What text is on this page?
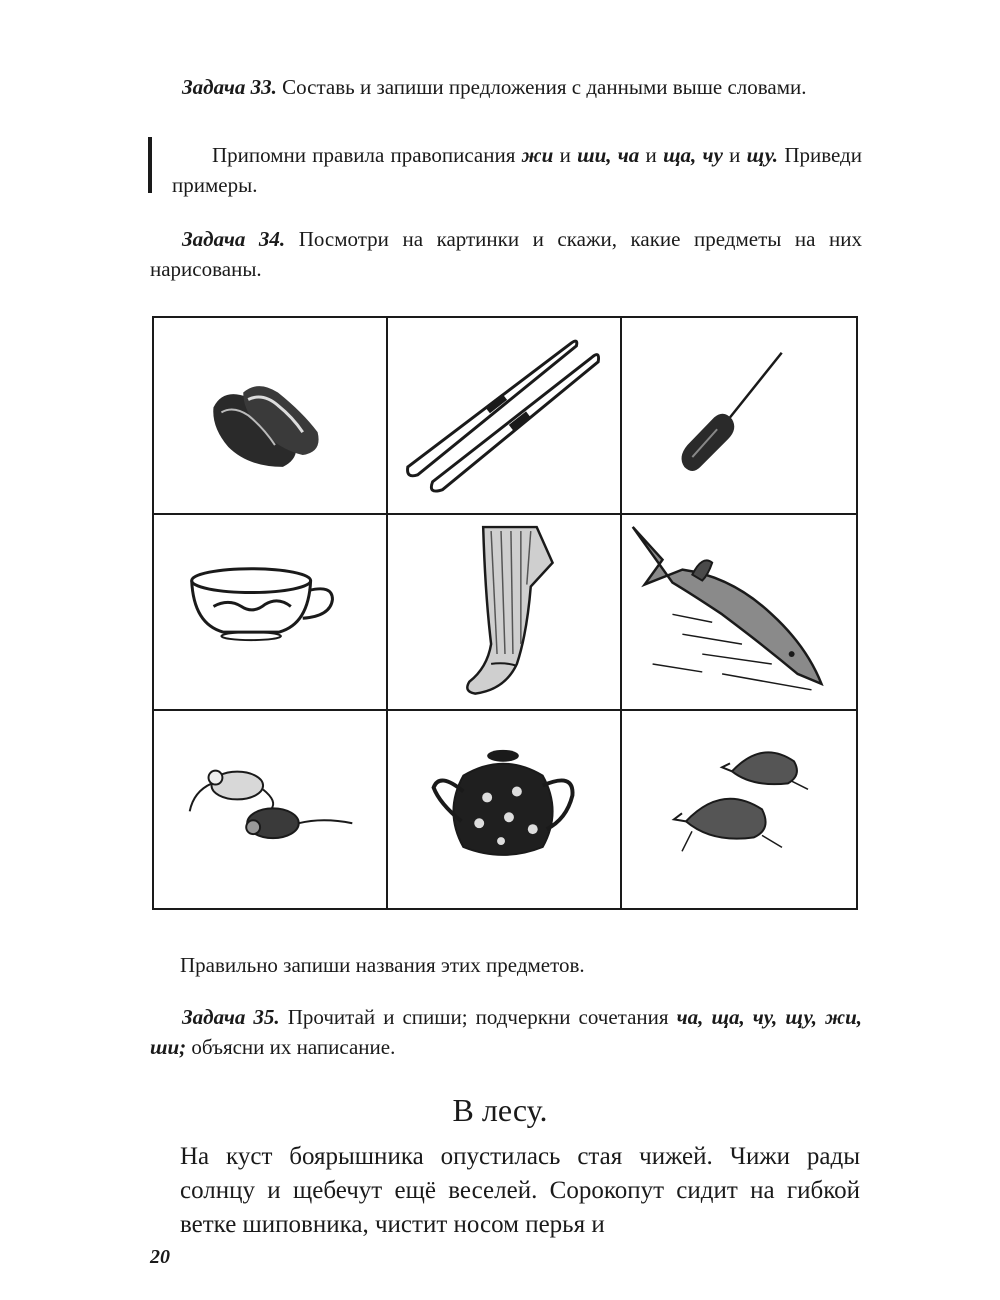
Задача 33. Составь и запиши предложения с данными выше словами.
Припомни правила правописания жи и ши, ча и ща, чу и щу. Приведи примеры.
Задача 34. Посмотри на картинки и скажи, какие предметы на них нарисованы.
Правильно запиши названия этих предметов.
Задача 35. Прочитай и спиши; подчеркни сочетания ча, ща, чу, щу, жи, ши; объясни их написание.
В лесу.
На куст боярышника опустилась стая чижей. Чижи рады солнцу и щебечут ещё веселей. Сорокопут сидит на гибкой ветке шиповника, чистит носом перья и
20
